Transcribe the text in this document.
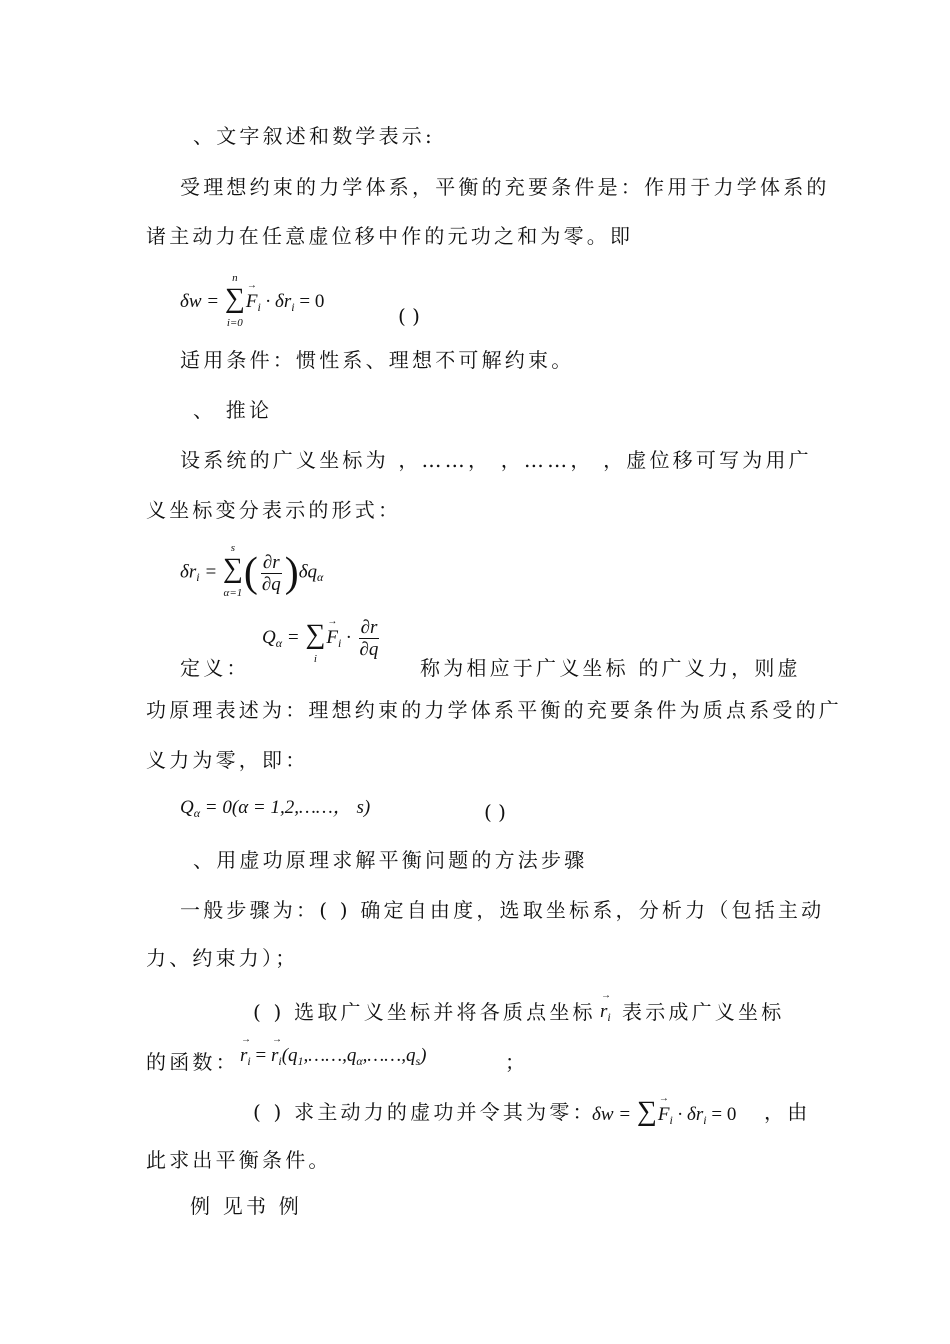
、文字叙述和数学表示:
受理想约束的力学体系，平衡的充要条件是：作用于力学体系的
诸主动力在任意虚位移中作的元功之和为零。即
δw =
n
∑
i=0
→ $F_i \cdot \delta r_i = 0$
( )
适用条件：惯性系、理想不可解约束。
、 推论
设系统的广义坐标为 ，……， ，……， ，虚位移可写为用广
义坐标变分表示的形式：
$\delta r_i$ =
s
∑
α=1 ( $\frac{\partial r}{\partial q} )\delta q_\alpha$
$Q_\alpha$ = ∑
i
→ $F_i \cdot \frac{\partial r}{\partial q}$
定义：	称为相应于广义坐标 的广义力，则虚
功原理表述为：理想约束的力学体系平衡的充要条件为质点系受的广
义力为零，即：
$Q_\alpha = 0(\alpha$ = 1,2,……， s)	( )
、用虚功原理求解平衡问题的方法步骤
一般步骤为：( ) 确定自由度，选取坐标系，分析力（包括主动
力、约束力）；
( ) 选取广义坐标并将各质点坐标 → $r_i$ 表示成广义坐标
的函数： → $r_i$ = → $r_i(q_1,\dots\dots,q_\alpha,\dots\dots,q_s)$	；
( ) 求主动力的虚功并令其为零：
δw = ∑→ $F_i \cdot \delta r_i = 0$ ，由
此求出平衡条件。
例 见书 例
